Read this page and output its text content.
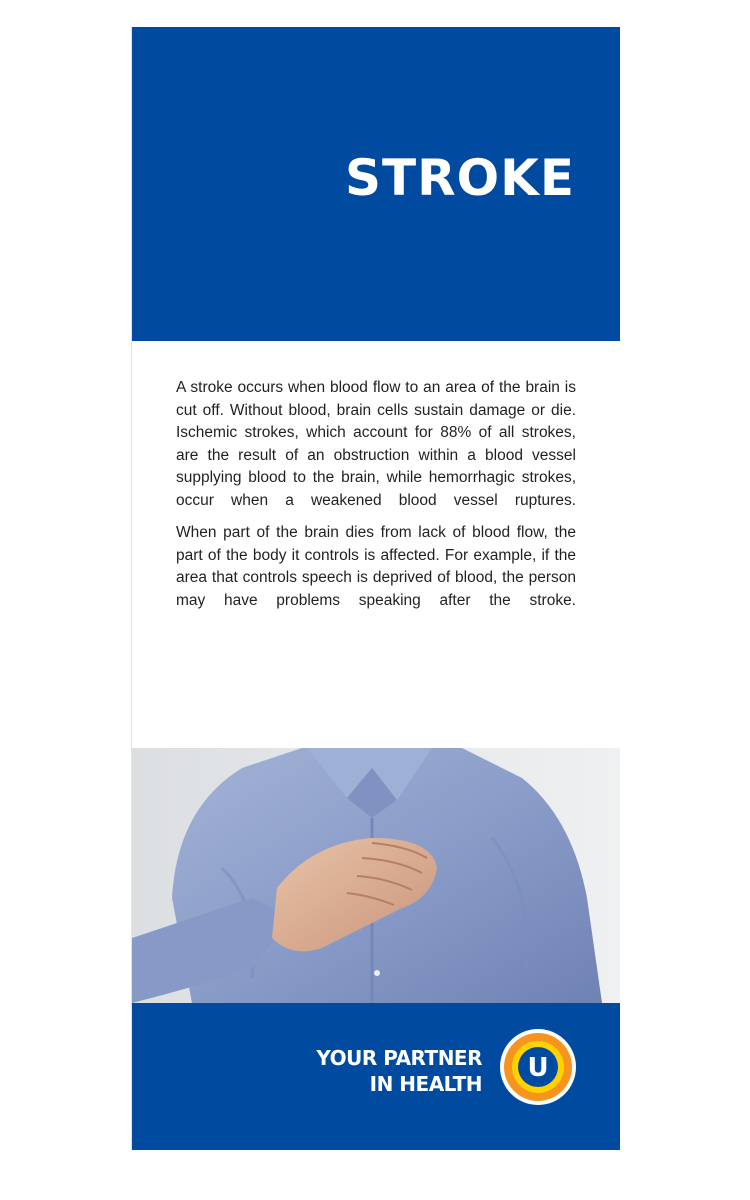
STROKE

A stroke occurs when blood flow to an area of the brain is cut off. Without blood, brain cells sustain damage or die. Ischemic strokes, which account for 88% of all strokes, are the result of an obstruction within a blood vessel supplying blood to the brain, while hemorrhagic strokes, occur when a weakened blood vessel ruptures.

When part of the brain dies from lack of blood flow, the part of the body it controls is affected. For example, if the area that controls speech is deprived of blood, the person may have problems speaking after the stroke.

YOUR PARTNER
IN HEALTH
U
